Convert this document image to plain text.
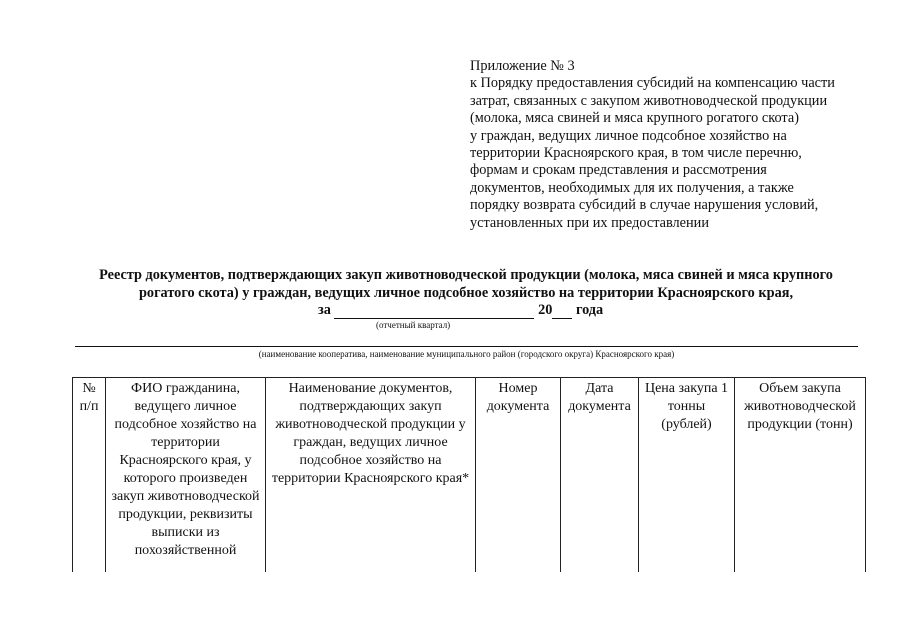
Приложение № 3
к Порядку предоставления субсидий на компенсацию части
затрат, связанных с закупом животноводческой продукции
(молока, мяса свиней и мяса крупного рогатого скота)
у граждан, ведущих личное подсобное хозяйство на
территории Красноярского края, в том числе перечню,
формам и срокам представления и рассмотрения
документов, необходимых для их получения, а также
порядку возврата субсидий в случае нарушения условий,
установленных при их предоставлении
Реестр документов, подтверждающих закуп животноводческой продукции (молока, мяса свиней и мяса крупного
рогатого скота) у граждан, ведущих личное подсобное хозяйство на территории Красноярского края,
за	20 года
(отчетный квартал)
(наименование кооператива, наименование муниципального район (городского округа) Красноярского края)
№ п/п	ФИО гражданина, ведущего личное подсобное хозяйство на территории Красноярского края, у которого произведен закуп животноводческой продукции, реквизиты выписки из похозяйственной	Наименование документов, подтверждающих закуп животноводческой продукции у граждан, ведущих личное подсобное хозяйство на территории Красноярского края*	Номер документа	Дата документа	Цена закупа 1 тонны (рублей)	Объем закупа животноводческой продукции (тонн)
